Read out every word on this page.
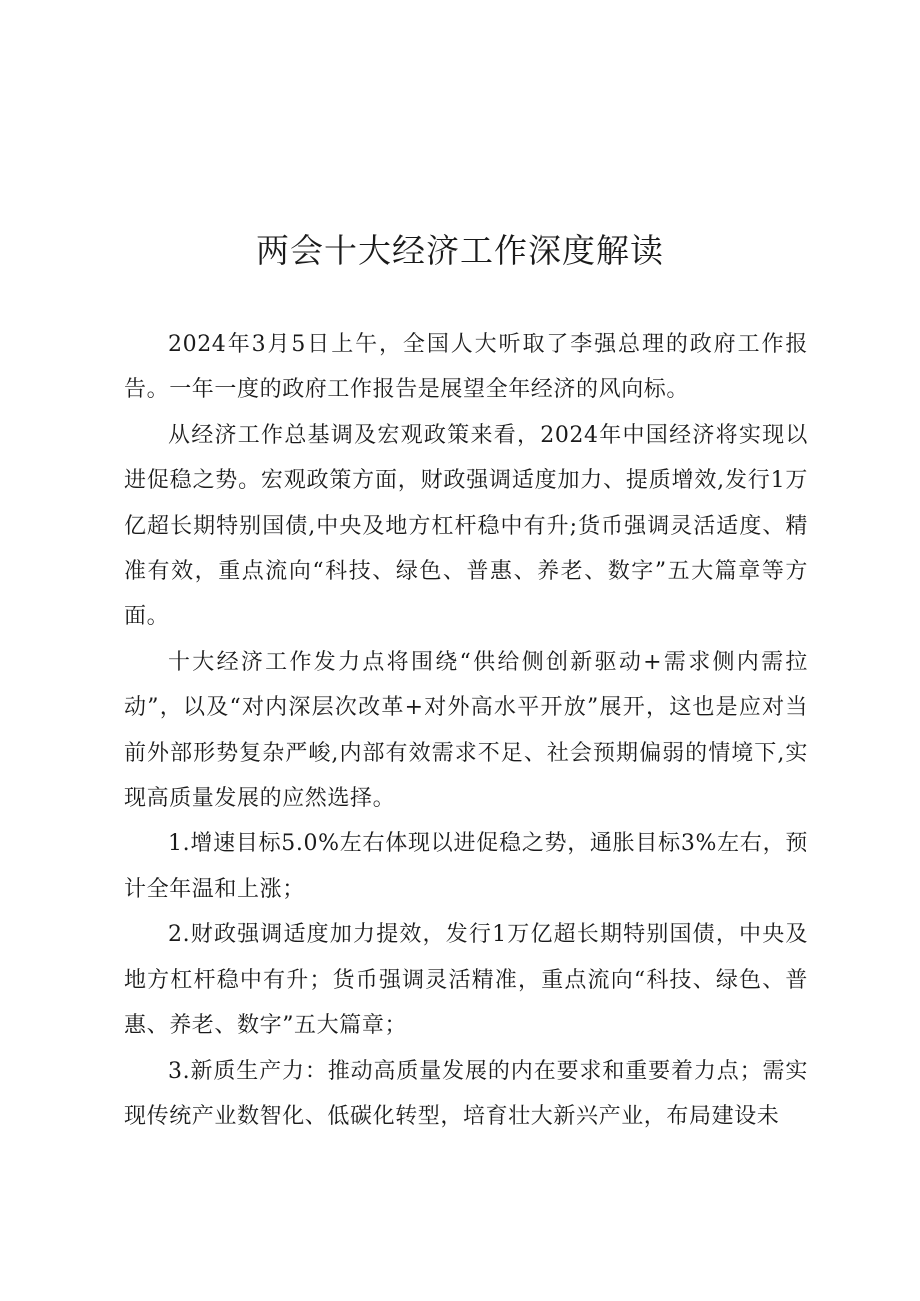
两会十大经济工作深度解读

2024年3月5日上午，全国人大听取了李强总理的政府工作报告。一年一度的政府工作报告是展望全年经济的风向标。

从经济工作总基调及宏观政策来看，2024年中国经济将实现以进促稳之势。宏观政策方面，财政强调适度加力、提质增效,发行1万亿超长期特别国债,中央及地方杠杆稳中有升;货币强调灵活适度、精准有效，重点流向“科技、绿色、普惠、养老、数字”五大篇章等方面。

十大经济工作发力点将围绕“供给侧创新驱动+需求侧内需拉动”，以及“对内深层次改革+对外高水平开放”展开，这也是应对当前外部形势复杂严峻,内部有效需求不足、社会预期偏弱的情境下,实现高质量发展的应然选择。

1.增速目标5.0%左右体现以进促稳之势，通胀目标3%左右，预计全年温和上涨；

2.财政强调适度加力提效，发行1万亿超长期特别国债，中央及地方杠杆稳中有升；货币强调灵活精准，重点流向“科技、绿色、普惠、养老、数字”五大篇章；

3.新质生产力：推动高质量发展的内在要求和重要着力点；需实现传统产业数智化、低碳化转型，培育壮大新兴产业，布局建设未
